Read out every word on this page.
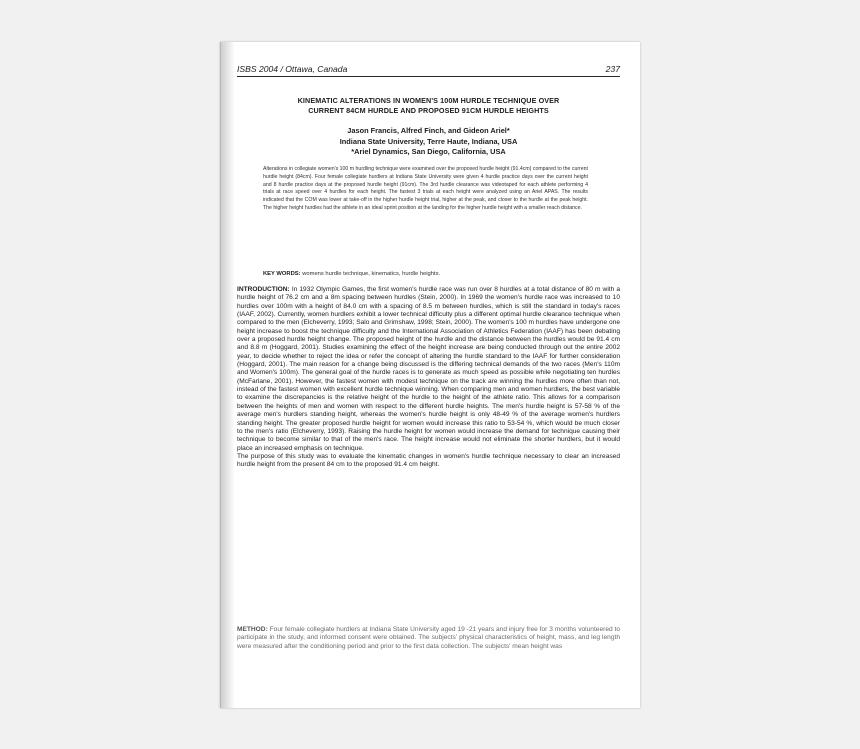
ISBS 2004 / Ottawa, Canada	237
KINEMATIC ALTERATIONS IN WOMEN'S 100M HURDLE TECHNIQUE OVER
CURRENT 84CM HURDLE AND PROPOSED 91CM HURDLE HEIGHTS
Jason Francis, Alfred Finch, and Gideon Ariel*
Indiana State University, Terre Haute, Indiana, USA
*Ariel Dynamics, San Diego, California, USA
Alterations in collegiate women's 100 m hurdling technique were examined over the proposed hurdle height (91.4cm) compared to the current hurdle height (84cm). Four female collegiate hurdlers at Indiana State University were given 4 hurdle practice days over the current height and 8 hurdle practice days at the proposed hurdle height (91cm). The 3rd hurdle clearance was videotaped for each athlete performing 4 trials at race speed over 4 hurdles for each height. The fastest 3 trials at each height were analyzed using an Ariel APAS. The results indicated that the COM was lower at take-off in the higher hurdle height trial, higher at the peak, and closer to the hurdle at the peak height. The higher height hurdles had the athlete in an ideal sprint position at the landing for the higher hurdle height with a smaller reach distance.
KEY WORDS: womens hurdle technique, kinematics, hurdle heights.

INTRODUCTION: In 1932 Olympic Games, the first women's hurdle race was run over 8 hurdles at a total distance of 80 m with a hurdle height of 76.2 cm and a 8m spacing between hurdles (Stein, 2000). In 1969 the women's hurdle race was increased to 10 hurdles over 100m with a height of 84.0 cm with a spacing of 8.5 m between hurdles, which is still the standard in today's races (IAAF, 2002). Currently, women hurdlers exhibit a lower technical difficulty plus a different optimal hurdle clearance technique when compared to the men (Elcheverry, 1993; Salo and Grimshaw, 1998; Stein, 2000). The women's 100 m hurdles have undergone one height increase to boost the technique difficulty and the International Association of Athletics Federation (IAAF) has been debating over a proposed hurdle height change. The proposed height of the hurdle and the distance between the hurdles would be 91.4 cm and 8.8 m (Hoggard, 2001). Studies examining the effect of the height increase are being conducted through out the entire 2002 year, to decide whether to reject the idea or refer the concept of altering the hurdle standard to the IAAF for further consideration (Hoggard, 2001). The main reason for a change being discussed is the differing technical demands of the two races (Men's 110m and Women's 100m). The general goal of the hurdle races is to generate as much speed as possible while negotiating ten hurdles (McFarlane, 2001). However, the fastest women with modest technique on the track are winning the hurdles more often than not, instead of the fastest women with excellent hurdle technique winning. When comparing men and women hurdlers, the best variable to examine the discrepancies is the relative height of the hurdle to the height of the athlete ratio. This allows for a comparison between the heights of men and women with respect to the different hurdle heights. The men's hurdle height is 57-58 % of the average men's hurdlers standing height, whereas the women's hurdle height is only 48-49 % of the average women's hurdlers standing height. The greater proposed hurdle height for women would increase this ratio to 53-54 %, which would be much closer to the men's ratio (Elcheverry, 1993). Raising the hurdle height for women would increase the demand for technique causing their technique to become similar to that of the men's race. The height increase would not eliminate the shorter hurdlers, but it would place an increased emphasis on technique.

The purpose of this study was to evaluate the kinematic changes in women's hurdle technique necessary to clear an increased hurdle height from the present 84 cm to the proposed 91.4 cm height.

METHOD: Four female collegiate hurdlers at Indiana State University aged 19 -21 years and injury free for 3 months volunteered to participate in the study, and informed consent were obtained. The subjects' physical characteristics of height, mass, and leg length were measured after the conditioning period and prior to the first data collection. The subjects' mean height was
